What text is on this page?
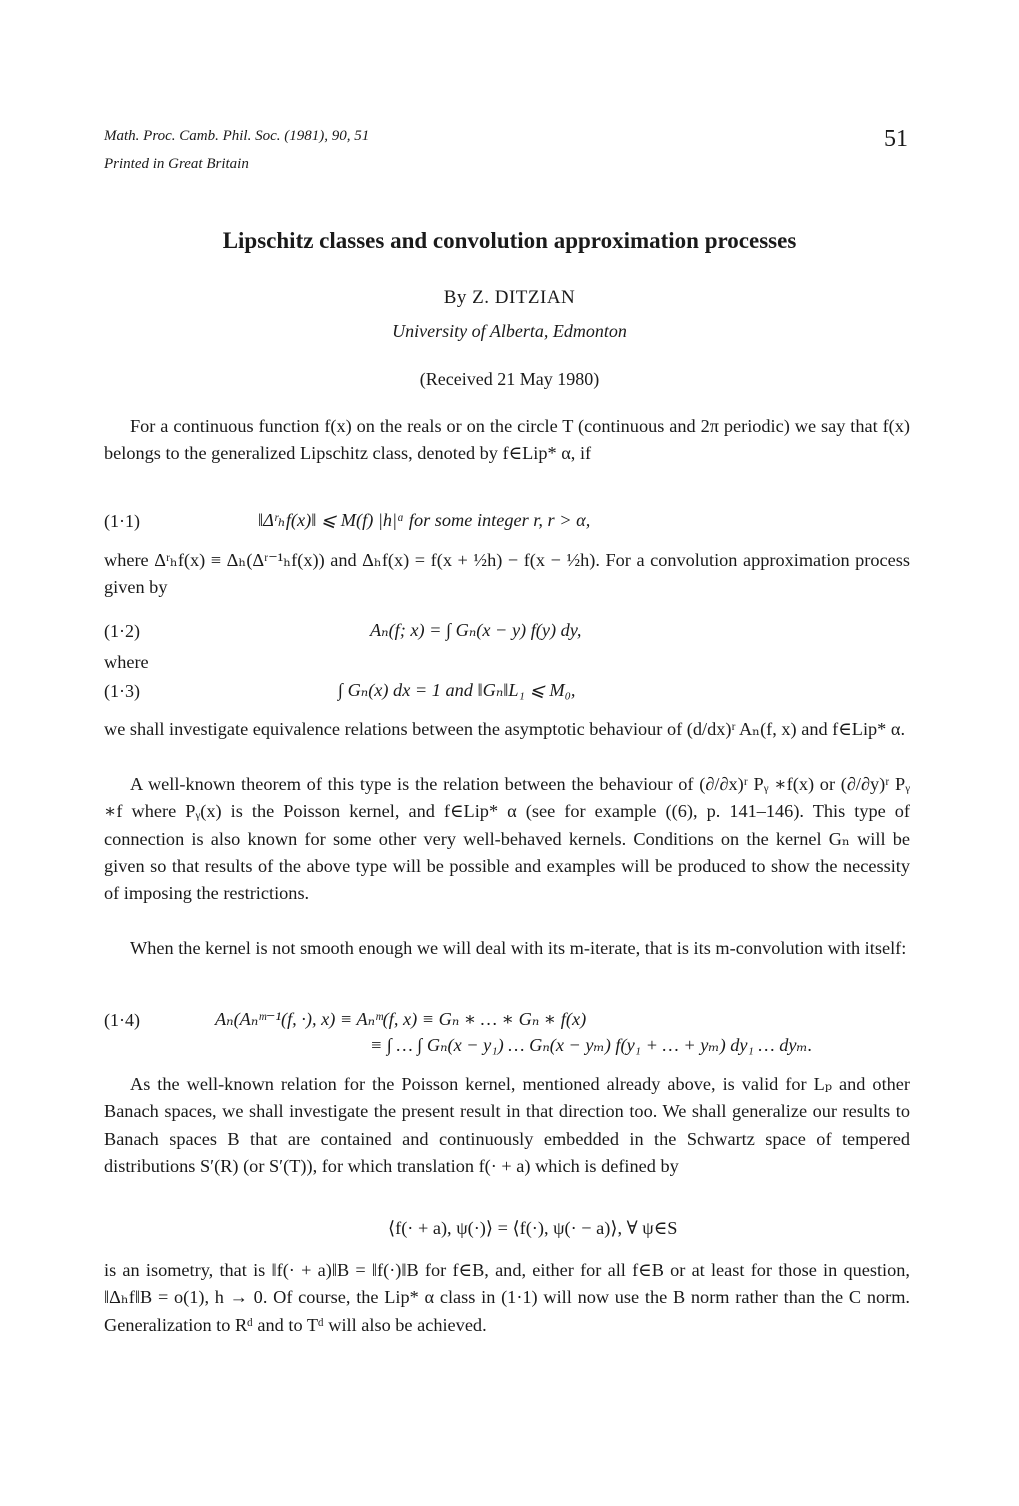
Math. Proc. Camb. Phil. Soc. (1981), 90, 51
Printed in Great Britain
51
Lipschitz classes and convolution approximation processes
By Z. DITZIAN
University of Alberta, Edmonton
(Received 21 May 1980)
For a continuous function f(x) on the reals or on the circle T (continuous and 2π periodic) we say that f(x) belongs to the generalized Lipschitz class, denoted by f∈Lip* α, if
(1·1)	‖Δʳₕf(x)‖ ⩽ M(f) |h|ᵅ for some integer r, r > α,
where Δʳₕf(x) ≡ Δₕ(Δʳ⁻¹ₕf(x)) and Δₕf(x) = f(x + ½h) − f(x − ½h). For a convolution approximation process given by
(1·2)	Aₙ(f; x) = ∫ Gₙ(x − y) f(y) dy,
where
(1·3)	∫ Gₙ(x) dx = 1 and ‖Gₙ‖L₁ ⩽ M₀,
we shall investigate equivalence relations between the asymptotic behaviour of (d/dx)ʳ Aₙ(f, x) and f∈Lip* α.
A well-known theorem of this type is the relation between the behaviour of (∂/∂x)ʳ Pᵧ ∗f(x) or (∂/∂y)ʳ Pᵧ ∗f where Pᵧ(x) is the Poisson kernel, and f∈Lip* α (see for example ((6), p. 141–146). This type of connection is also known for some other very well-behaved kernels. Conditions on the kernel Gₙ will be given so that results of the above type will be possible and examples will be produced to show the necessity of imposing the restrictions.
When the kernel is not smooth enough we will deal with its m-iterate, that is its m-convolution with itself:
(1·4)	Aₙ(Aₙᵐ⁻¹(f, ·), x) ≡ Aₙᵐ(f, x) ≡ Gₙ ∗ … ∗ Gₙ ∗ f(x)
≡ ∫ … ∫ Gₙ(x − y₁) … Gₙ(x − yₘ) f(y₁ + … + yₘ) dy₁ … dyₘ.
As the well-known relation for the Poisson kernel, mentioned already above, is valid for Lₚ and other Banach spaces, we shall investigate the present result in that direction too. We shall generalize our results to Banach spaces B that are contained and continuously embedded in the Schwartz space of tempered distributions S′(R) (or S′(T)), for which translation f(· + a) which is defined by
⟨f(· + a), ψ(·)⟩ = ⟨f(·), ψ(· − a)⟩, ∀ ψ∈S
is an isometry, that is ‖f(· + a)‖B = ‖f(·)‖B for f∈B, and, either for all f∈B or at least for those in question, ‖Δₕf‖B = o(1), h → 0. Of course, the Lip* α class in (1·1) will now use the B norm rather than the C norm. Generalization to Rᵈ and to Tᵈ will also be achieved.
